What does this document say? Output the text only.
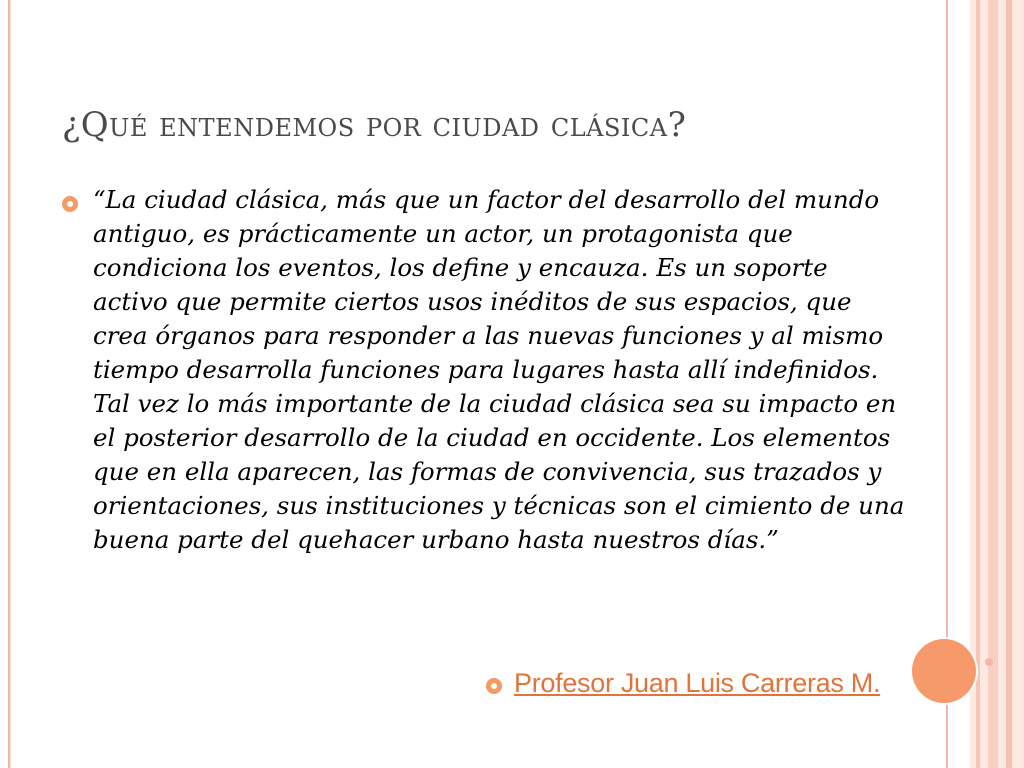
¿Qué entendemos por ciudad clásica?

“La ciudad clásica, más que un factor del desarrollo del mundo antiguo, es prácticamente un actor, un protagonista que condiciona los eventos, los define y encauza. Es un soporte activo que permite ciertos usos inéditos de sus espacios, que crea órganos para responder a las nuevas funciones y al mismo tiempo desarrolla funciones para lugares hasta allí indefinidos.

Tal vez lo más importante de la ciudad clásica sea su impacto en el posterior desarrollo de la ciudad en occidente. Los elementos que en ella aparecen, las formas de convivencia, sus trazados y orientaciones, sus instituciones y técnicas son el cimiento de una buena parte del quehacer urbano hasta nuestros días.”

Profesor Juan Luis Carreras M.
